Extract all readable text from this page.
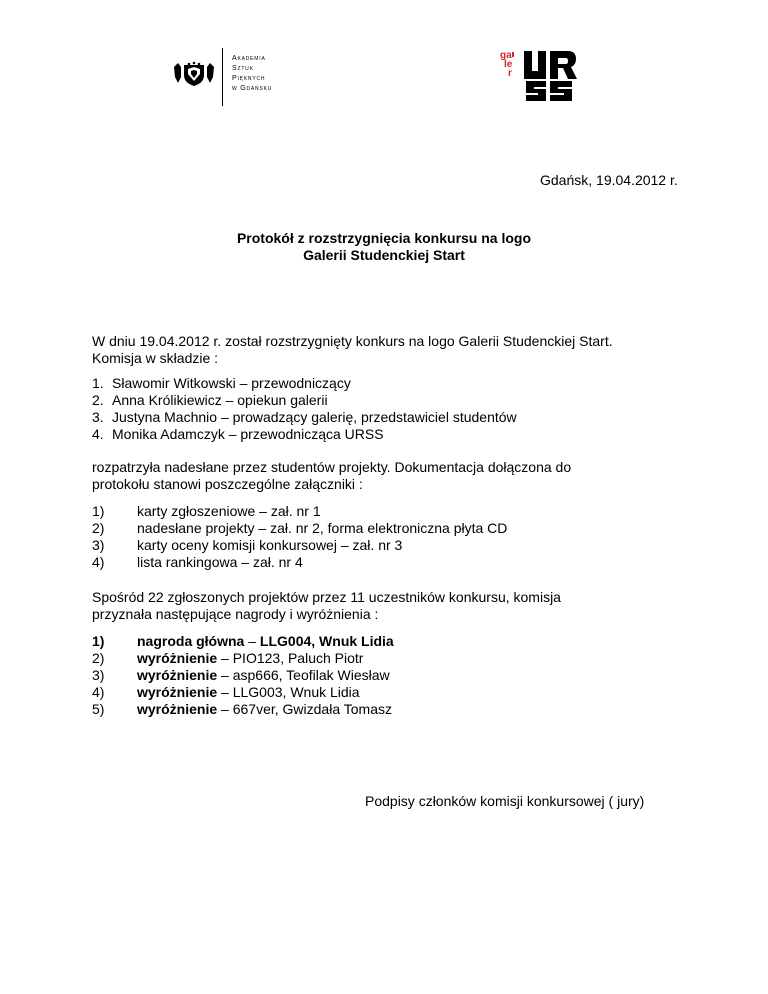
Akademia
Sztuk
Pięknych
w Gdańsku
ga
le
r
Gdańsk, 19.04.2012 r.
Protokół z rozstrzygnięcia konkursu na logo
Galerii Studenckiej Start
W dniu 19.04.2012 r. został rozstrzygnięty konkurs na logo Galerii Studenckiej Start.
Komisja w składzie :
1. Sławomir Witkowski – przewodniczący
2. Anna Królikiewicz – opiekun galerii
3. Justyna Machnio – prowadzący galerię, przedstawiciel studentów
4. Monika Adamczyk – przewodnicząca URSS
rozpatrzyła nadesłane przez studentów projekty. Dokumentacja dołączona do
protokołu stanowi poszczególne załączniki :
1) karty zgłoszeniowe – zał. nr 1
2) nadesłane projekty – zał. nr 2, forma elektroniczna płyta CD
3) karty oceny komisji konkursowej – zał. nr 3
4) lista rankingowa – zał. nr 4
Spośród 22 zgłoszonych projektów przez 11 uczestników konkursu, komisja
przyznała następujące nagrody i wyróżnienia :
1) nagroda główna – LLG004, Wnuk Lidia
2) wyróżnienie – PIO123, Paluch Piotr
3) wyróżnienie – asp666, Teofilak Wiesław
4) wyróżnienie – LLG003, Wnuk Lidia
5) wyróżnienie – 667ver, Gwizdała Tomasz
Podpisy członków komisji konkursowej ( jury)
